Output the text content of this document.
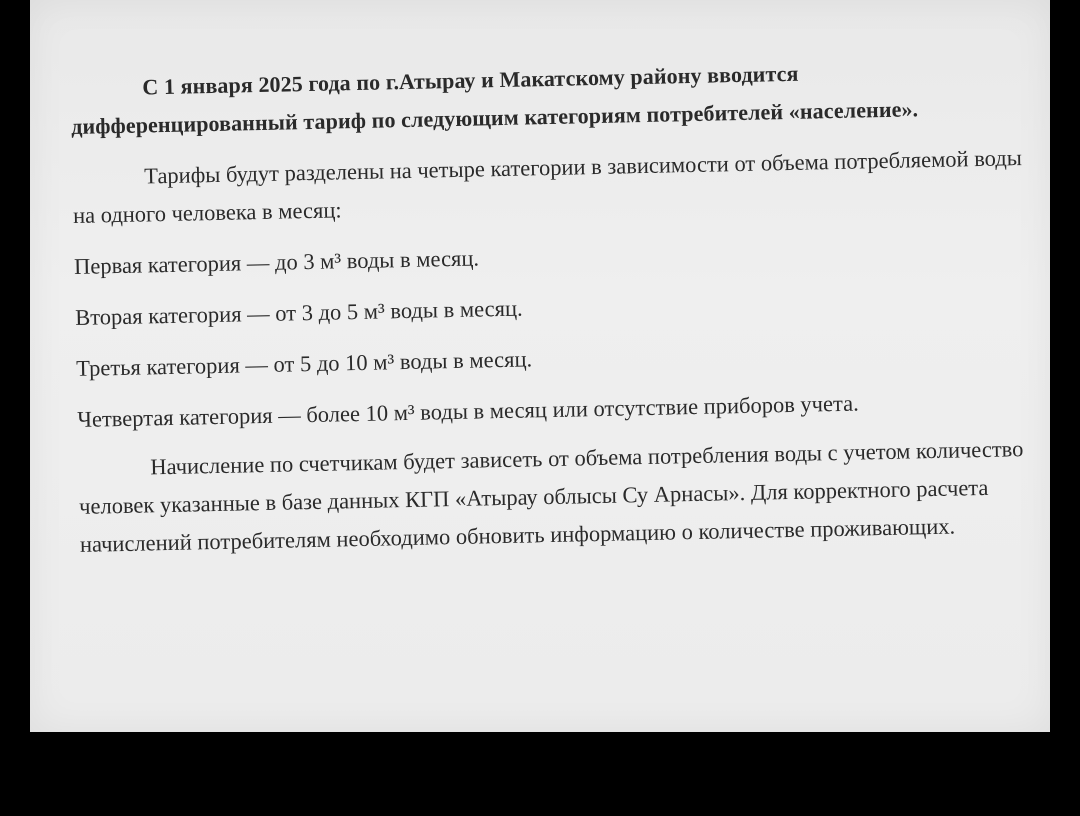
С 1 января 2025 года по г.Атырау и Макатскому району вводится дифференцированный тариф по следующим категориям потребителей «население».

Тарифы будут разделены на четыре категории в зависимости от объема потребляемой воды на одного человека в месяц:

Первая категория — до 3 м³ воды в месяц.

Вторая категория — от 3 до 5 м³ воды в месяц.

Третья категория — от 5 до 10 м³ воды в месяц.

Четвертая категория — более 10 м³ воды в месяц или отсутствие приборов учета.

Начисление по счетчикам будет зависеть от объема потребления воды с учетом количество человек указанные в базе данных КГП «Атырау облысы Су Арнасы». Для корректного расчета начислений потребителям необходимо обновить информацию о количестве проживающих.
